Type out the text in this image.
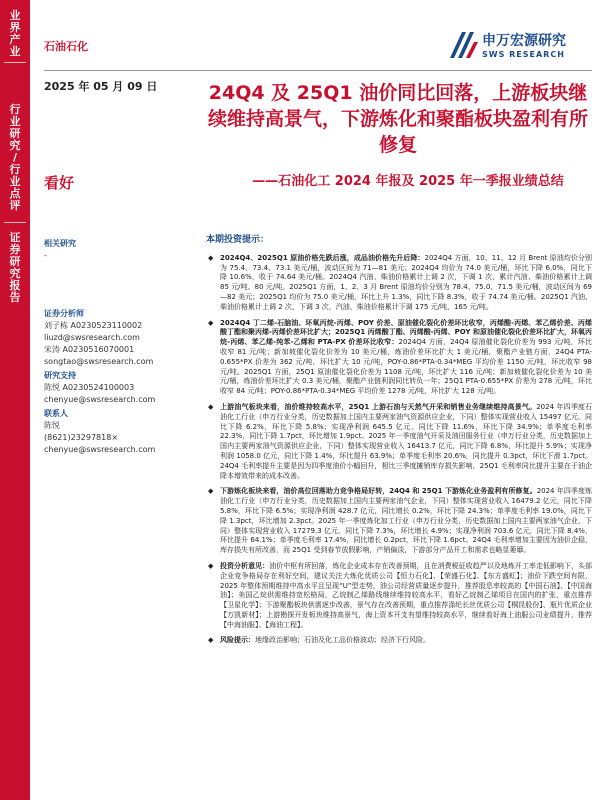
业
界
产
业
行
业
研
究
/
行
业
点
评
证
券
研
究
报
告
石油石化	申万宏源研究
SWS RESEARCH
2025 年 05 月 09 日	24Q4 及 25Q1 油价同比回落，上游板块继续维持高景气，下游炼化和聚酯板块盈利有所修复
——石油化工 2024 年报及 2025 年一季报业绩总结
看好
相关研究
-
证券分析师
刘子栋 A0230523110002
liuzd@swsresearch.com
宋涛 A0230516070001
songtao@swsresearch.com
研究支持
陈悦 A0230524100003
chenyue@swsresearch.com
联系人
陈悦
(8621)23297818×
chenyue@swsresearch.com
本期投资提示：
◆ 2024Q4、2025Q1 原油价格先跌后涨，成品油价格先升后降：2024Q4 方面，10、11、12 月 Brent 原油均价分别为 75.4、73.4、73.1 美元/桶，波动区间为 71—81 美元；2024Q4 均价为 74.0 美元/桶，环比下降 6.0%，同比下降 10.6%，收于 74.64 美元/桶。2024Q4 汽油、柴油价格累计上调 2 次，下调 1 次，累计汽油、柴油价格累计上调 85 元/吨、80 元/吨。2025Q1 方面，1、2、3 月 Brent 原油均价分别为 78.4、75.0、71.5 美元/桶，波动区间为 69—82 美元；2025Q1 均价为 75.0 美元/桶，环比上升 1.3%，同比下降 8.3%，收于 74.74 美元/桶。2025Q1 汽油、柴油价格累计上调 2 次，下调 3 次，汽油、柴油价格累计下调 175 元/吨、165 元/吨。
◆ 2024Q4 丁二烯-石脑油、环氧丙烷-丙烯、POY 价差、原油催化裂化价差环比收窄，丙烯酸-丙烯、苯乙烯价差、丙烯酸丁酯和聚丙烯-丙烯价差环比扩大；2025Q1 丙烯酸丁酯、丙烯酸-丙烯、POY 和原油催化裂化价差环比扩大，环氧丙烷-丙烯、苯乙烯-纯苯-乙烯和 PTA-PX 价差环比收窄：2024Q4 方面，24Q4 原油催化裂化价差为 993 元/吨，环比收窄 81 元/吨；新加坡催化裂化价差为 10 美元/桶，炼油价差环比扩大 1 美元/桶，聚酯产业链方面，24Q4 PTA-0.655*PX 价差为 362 元/吨，环比扩大 10 元/吨，POY-0.86*PTA-0.34*MEG 平均价差 1150 元/吨，环比收窄 98 元/吨。2025Q1 方面，25Q1 原油催化裂化价差为 1108 元/吨，环比扩大 116 元/吨；新加坡催化裂化价差为 10 美元/桶，炼油价差环比扩大 0.3 美元/桶，聚酯产业链利润同比转负一年；25Q1 PTA-0.655*PX 价差为 278 元/吨，环比收窄 84 元/吨；POY-0.86*PTA-0.34*MEG 平均价差 1278 元/吨，环比扩大 128 元/吨。
◆ 上游油气板块来看，油价维持较高水平，25Q1 上游石油与天然气开采和销售业务继续维持高景气。2024 年四季度石油化工行业（申万行业分类，历史数据加上国内主要两家油气资源供应企业，下同）整体实现营业收入 15497 亿元，同比下降 6.2%，环比下降 5.8%；实现净利润 645.5 亿元，同比下降 11.6%，环比下降 34.9%；单季度毛利率 22.3%，同比下降 1.7pct，环比增加 1.9pct。2025 年一季度油气开采及油田服务行业（申万行业分类，历史数据加上国内主要两家油气资源供应企业，下同）整体实现营业收入 16413.7 亿元，同比下降 6.8%，环比提升 5.9%；实现净利润 1058.0 亿元，同比下降 1.4%，环比提升 63.9%；单季度毛利率 20.6%，同比提升 0.3pct，环比下滑 1.7pct。24Q4 毛利率提升主要是因为四季度油价小幅回升，相比三季度摊销库存损失影响，25Q1 毛利率同比提升主要在于油企降本增效带来的成本改善。
◆ 下游炼化板块来看，油价高位回落助力竞争格局好转，24Q4 和 25Q1 下游炼化业务盈利有所修复。2024 年四季度炼油化工行业（申万行业分类，历史数据加上国内主要两家油气企业，下同）整体实现营业收入 16479.2 亿元，同比下降 5.8%，环比下降 6.5%；实现净利润 428.7 亿元，同比增长 0.2%，环比下降 24.3%；单季度毛利率 19.0%，同比下降 1.3pct，环比增加 2.3pct。2025 年一季度炼化加工行业（申万行业分类，历史数据加上国内主要两家油气企业，下同）整体实现营业收入 17279.3 亿元，同比下降 7.3%，环比增长 4.9%；实现净利润 703.6 亿元，同比下降 8.4%，环比提升 64.1%；单季度毛利率 17.4%，同比增长 0.2pct，环比下降 1.6pct。24Q4 毛利率增加主要因为油价企稳，库存损失有所改善，而 25Q1 受到春节放假影响，产销偏淡，下游部分产品开工和需求也略显萎靡。
◆ 投资分析意见：油价中枢有所回落，炼化企业成本存在改善预期，且在消费税征收趋严以及地炼开工率走低影响下，头部企业竞争格局存在利好空间，建议关注大炼化优质公司【恒力石化】、【荣盛石化】、【东方盛虹】；油价下跌空间有限，2025 年整体预期维持中高水平且呈现“U”型走势，油公司经营质量逐步提升，推荐股息率较高的【中国石油】、【中国海油】；美国乙烷供需维持宽松格局，乙烷制乙烯路线继续维持较高水平，看好乙烷制乙烯项目在国内的扩张，重点推荐【卫星化学】；下游聚酯板块供需逐步改善，景气存在改善预期，重点推荐涤纶长丝优质公司【桐昆股份】、瓶片优质企业【万凯新材】；上游勘探开发板块维持高景气，海上资本开支有望维持较高水平，继续看好海上油服公司业绩提升，推荐【中海油服】、【海油工程】。
◆ 风险提示：地缘政治影响；石油及化工品价格波动；经济下行风险。
